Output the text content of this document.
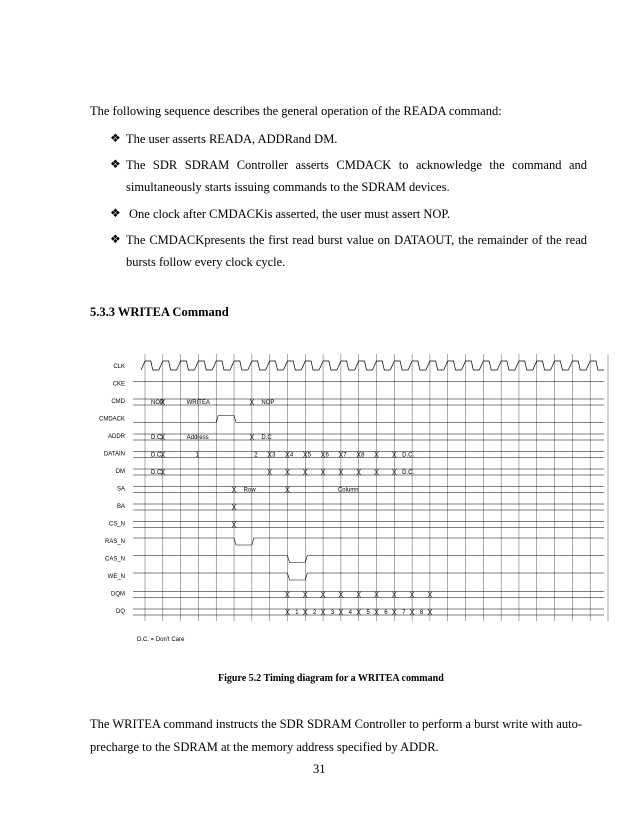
The following sequence describes the general operation of the READA command:
❖ The user asserts READA, ADDRand DM.
❖ The SDR SDRAM Controller asserts CMDACK to acknowledge the command and
simultaneously starts issuing commands to the SDRAM devices.
❖ One clock after CMDACKis asserted, the user must assert NOP.
❖ The CMDACKpresents the first read burst value on DATAOUT, the remainder of the read
bursts follow every clock cycle.
5.3.3 WRITEA Command
CLK
CKE
CMD
CMDACK
ADDR
DATAIN
DM
SA
BA
CS_N
RAS_N
CAS_N
WE_N
DQM
DQ
NOP	WRITEA	NOP
D.C.	Address	D.C
D.C.	1	2 3 4 5 6 7 8	D.C.
D.C.	D.C.
Row	Column
1 2 3 4 5 6 7 8
D.C. = Don't Care
Figure 5.2 Timing diagram for a WRITEA command
The WRITEA command instructs the SDR SDRAM Controller to perform a burst write with auto-
precharge to the SDRAM at the memory address specified by ADDR.
31
